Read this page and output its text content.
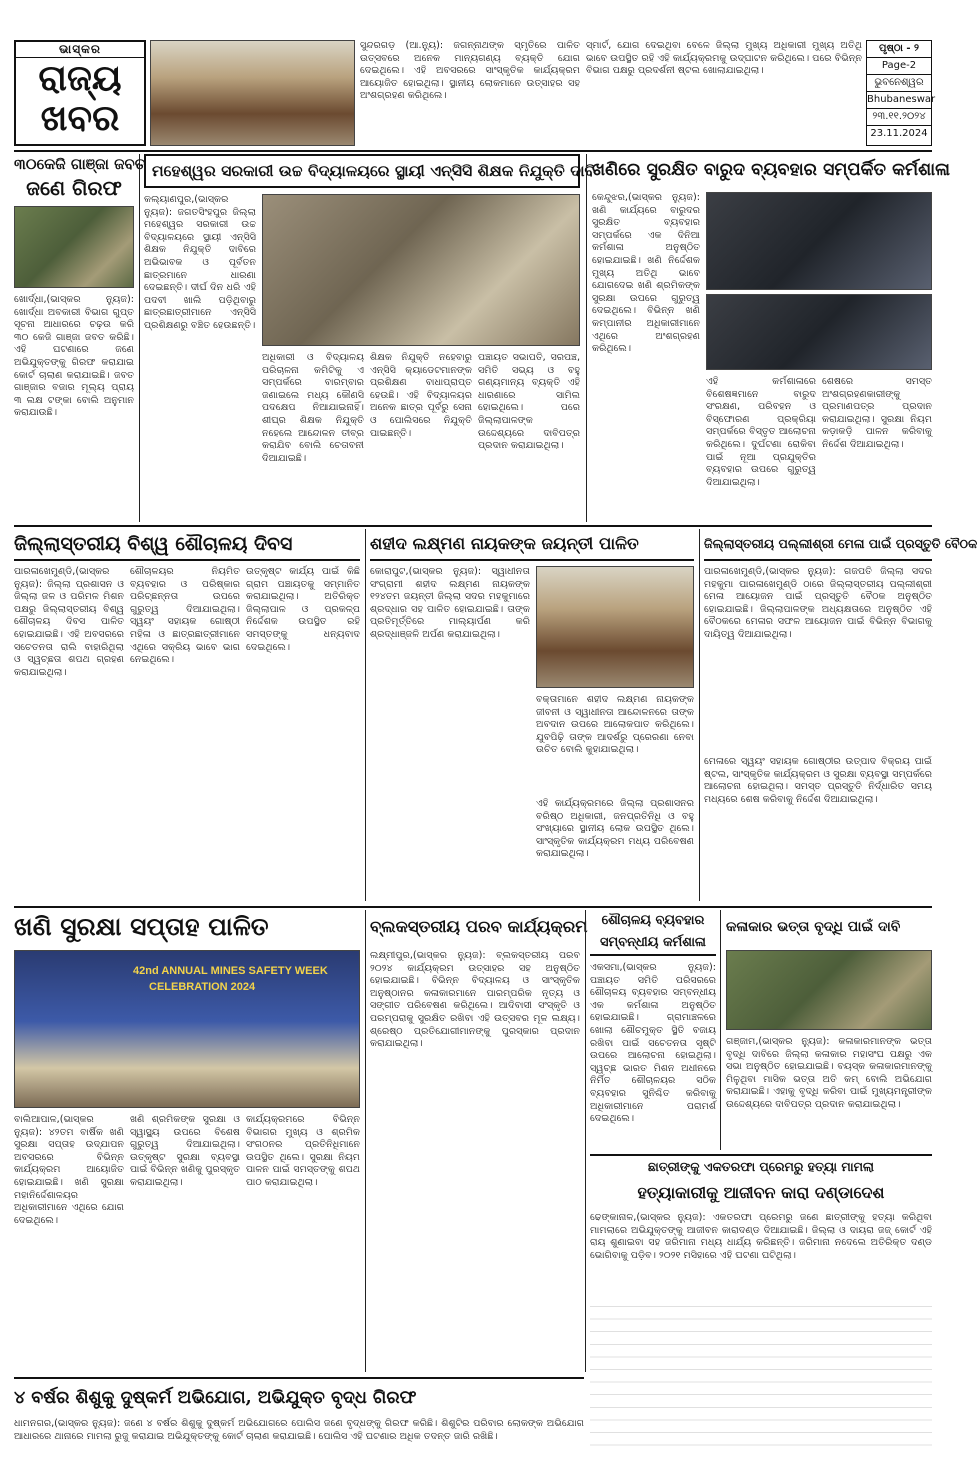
ଭାସ୍କର
ରାଜ୍ୟ
ଖବର
ସୁନ୍ଦରଗଡ଼ (ଆ.ନ୍ୟୁ): ଜଗନ୍ନାଥଙ୍କ ସ୍ମୃତିରେ ପାଳିତ ଉତ୍ସବରେ ଅନେକ ମାନ୍ୟଗଣ୍ୟ ବ୍ୟକ୍ତି ଯୋଗ ଦେଇଥିଲେ। ଏହି ଅବସରରେ ସାଂସ୍କୃତିକ କାର୍ଯ୍ୟକ୍ରମ ଆୟୋଜିତ ହୋଇଥିଲା। ସ୍ଥାନୀୟ ଲୋକମାନେ ଉତ୍ସାହର ସହ ଅଂଶଗ୍ରହଣ କରିଥିଲେ।
ସ୍ମାର୍ଟ, ଯୋଗ ଦେଇଥିବା ବେଳେ ଜିଲ୍ଲା ମୁଖ୍ୟ ଅଧିକାରୀ ମୁଖ୍ୟ ଅତିଥି ଭାବେ ଉପସ୍ଥିତ ରହି ଏହି କାର୍ଯ୍ୟକ୍ରମକୁ ଉଦ୍‌ଘାଟନ କରିଥିଲେ। ପରେ ବିଭିନ୍ନ ବିଭାଗ ପକ୍ଷରୁ ପ୍ରଦର୍ଶନୀ ଷ୍ଟଲ ଖୋଲାଯାଇଥିଲା।
ପୃଷ୍ଠା - ୨
Page-2
ଭୁବନେଶ୍ୱର
Bhubaneswar
୨୩.୧୧.୨୦୨୪
23.11.2024
୩୦କେଜି ଗାଞ୍ଜା ଜବତ
ଜଣେ ଗିରଫ
ଖୋର୍ଦ୍ଧା,(ଭାସ୍କର ନ୍ୟୁଜ): ଖୋର୍ଦ୍ଧା ଅବକାରୀ ବିଭାଗ ଗୁପ୍ତ ସୂଚନା ଆଧାରରେ ଚଢ଼ଉ କରି ୩୦ କେଜି ଗାଞ୍ଜା ଜବତ କରିଛି। ଏହି ଘଟଣାରେ ଜଣେ ଅଭିଯୁକ୍ତଙ୍କୁ ଗିରଫ କରାଯାଇ କୋର୍ଟ ଚାଲାଣ କରାଯାଇଛି। ଜବତ ଗାଞ୍ଜାର ବଜାର ମୂଲ୍ୟ ପ୍ରାୟ ୩ ଲକ୍ଷ ଟଙ୍କା ବୋଲି ଅନୁମାନ କରାଯାଉଛି।
ମହେଶ୍ୱର ସରକାରୀ ଉଚ୍ଚ ବିଦ୍ୟାଳୟରେ ସ୍ଥାୟୀ ଏନ୍‌ସିସି ଶିକ୍ଷକ ନିଯୁକ୍ତି ଦାବି
କଲ୍ୟାଣପୁର,(ଭାସ୍କର ନ୍ୟୁଜ): ଜଗତସିଂହପୁର ଜିଲ୍ଲା ମହେଶ୍ୱର ସରକାରୀ ଉଚ୍ଚ ବିଦ୍ୟାଳୟରେ ସ୍ଥାୟୀ ଏନ୍‌ସିସି ଶିକ୍ଷକ ନିଯୁକ୍ତି ଦାବିରେ ଅଭିଭାବକ ଓ ପୂର୍ବତନ ଛାତ୍ରମାନେ ଧାରଣା ଦେଇଛନ୍ତି। ଦୀର୍ଘ ଦିନ ଧରି ଏହି ପଦବୀ ଖାଲି ପଡ଼ିଥିବାରୁ ଛାତ୍ରଛାତ୍ରୀମାନେ ଏନ୍‌ସିସି ପ୍ରଶିକ୍ଷଣରୁ ବଞ୍ଚିତ ହେଉଛନ୍ତି।
ଅଧିକାରୀ ଓ ବିଦ୍ୟାଳୟ ପରିଚାଳନା କମିଟିକୁ ଏ ସମ୍ପର୍କରେ ବାରମ୍ବାର ଜଣାଇଲେ ମଧ୍ୟ କୌଣସି ପଦକ୍ଷେପ ନିଆଯାଇନାହିଁ। ଶୀଘ୍ର ଶିକ୍ଷକ ନିଯୁକ୍ତି ନହେଲେ ଆନ୍ଦୋଳନ ତୀବ୍ର କରାଯିବ ବୋଲି ଚେତାବନୀ ଦିଆଯାଇଛି।
ଶିକ୍ଷକ ନିଯୁକ୍ତି ନହେବାରୁ ଏନ୍‌ସିସି କ୍ୟାଡେଟମାନଙ୍କ ପ୍ରଶିକ୍ଷଣ ବାଧାପ୍ରାପ୍ତ ହେଉଛି। ଏହି ବିଦ୍ୟାଳୟର ଅନେକ ଛାତ୍ର ପୂର୍ବରୁ ସେନା ଓ ପୋଲିସରେ ନିଯୁକ୍ତି ପାଇଛନ୍ତି।
ପଞ୍ଚାୟତ ସଭାପତି, ସରପଞ୍ଚ, ସମିତି ସଭ୍ୟ ଓ ବହୁ ଗଣ୍ୟମାନ୍ୟ ବ୍ୟକ୍ତି ଏହି ଧାରଣାରେ ସାମିଲ ହୋଇଥିଲେ। ପରେ ଜିଲ୍ଲାପାଳଙ୍କ ଉଦ୍ଦେଶ୍ୟରେ ଦାବିପତ୍ର ପ୍ରଦାନ କରାଯାଇଥିଲା।
ଖଣିରେ ସୁରକ୍ଷିତ ବାରୁଦ ବ୍ୟବହାର ସମ୍ପର୍କିତ କର୍ମଶାଳା
କେନ୍ଦୁଝର,(ଭାସ୍କର ନ୍ୟୁଜ): ଖଣି କାର୍ଯ୍ୟରେ ବାରୁଦର ସୁରକ୍ଷିତ ବ୍ୟବହାର ସମ୍ପର୍କରେ ଏକ ଦିନିଆ କର୍ମଶାଳା ଅନୁଷ୍ଠିତ ହୋଇଯାଇଛି। ଖଣି ନିର୍ଦ୍ଦେଶକ ମୁଖ୍ୟ ଅତିଥି ଭାବେ ଯୋଗଦେଇ ଖଣି ଶ୍ରମିକଙ୍କ ସୁରକ୍ଷା ଉପରେ ଗୁରୁତ୍ୱ ଦେଇଥିଲେ। ବିଭିନ୍ନ ଖଣି କମ୍ପାନୀର ଅଧିକାରୀମାନେ ଏଥିରେ ଅଂଶଗ୍ରହଣ କରିଥିଲେ।
ଏହି କର୍ମଶାଳାରେ ବିଶେଷଜ୍ଞମାନେ ବାରୁଦ ସଂରକ୍ଷଣ, ପରିବହନ ଓ ବିସ୍ଫୋରଣ ପ୍ରକ୍ରିୟା ସମ୍ପର୍କରେ ବିସ୍ତୃତ ଆଲୋଚନା କରିଥିଲେ। ଦୁର୍ଘଟଣା ରୋକିବା ପାଇଁ ନୂଆ ପ୍ରଯୁକ୍ତିର ବ୍ୟବହାର ଉପରେ ଗୁରୁତ୍ୱ ଦିଆଯାଇଥିଲା।
ଶେଷରେ ସମସ୍ତ ଅଂଶଗ୍ରହଣକାରୀଙ୍କୁ ପ୍ରମାଣପତ୍ର ପ୍ରଦାନ କରାଯାଇଥିଲା। ସୁରକ୍ଷା ନିୟମ କଡ଼ାକଡ଼ି ପାଳନ କରିବାକୁ ନିର୍ଦ୍ଦେଶ ଦିଆଯାଇଥିଲା।
ଜିଲ୍ଲାସ୍ତରୀୟ ବିଶ୍ୱ ଶୌଚାଳୟ ଦିବସ
ପାରଳାଖେମୁଣ୍ଡି,(ଭାସ୍କର ନ୍ୟୁଜ): ଜିଲ୍ଲା ପ୍ରଶାସନ ଓ ଜିଲ୍ଲା ଜଳ ଓ ପରିମଳ ମିଶନ ପକ୍ଷରୁ ଜିଲ୍ଲାସ୍ତରୀୟ ବିଶ୍ୱ ଶୌଚାଳୟ ଦିବସ ପାଳିତ ହୋଇଯାଇଛି। ଏହି ଅବସରରେ ସଚେତନତା ରାଲି ବାହାରିଥିଲା ଓ ସ୍ୱଚ୍ଛତା ଶପଥ ଗ୍ରହଣ କରାଯାଇଥିଲା।
ଶୌଚାଳୟର ନିୟମିତ ବ୍ୟବହାର ଓ ପରିଷ୍କାର ପରିଚ୍ଛନ୍ନତା ଉପରେ ଗୁରୁତ୍ୱ ଦିଆଯାଇଥିଲା। ସ୍ୱୟଂ ସହାୟକ ଗୋଷ୍ଠୀ ମହିଳା ଓ ଛାତ୍ରଛାତ୍ରୀମାନେ ଏଥିରେ ସକ୍ରିୟ ଭାବେ ଭାଗ ନେଇଥିଲେ।
ଉତ୍କୃଷ୍ଟ କାର୍ଯ୍ୟ ପାଇଁ କିଛି ଗ୍ରାମ ପଞ୍ଚାୟତକୁ ସମ୍ମାନିତ କରାଯାଇଥିଲା। ଅତିରିକ୍ତ ଜିଲ୍ଲାପାଳ ଓ ପ୍ରକଳ୍ପ ନିର୍ଦ୍ଦେଶକ ଉପସ୍ଥିତ ରହି ସମସ୍ତଙ୍କୁ ଧନ୍ୟବାଦ ଦେଇଥିଲେ।
ଶହୀଦ ଲକ୍ଷ୍ମଣ ନାୟକଙ୍କ ଜୟନ୍ତୀ ପାଳିତ
କୋରାପୁଟ,(ଭାସ୍କର ନ୍ୟୁଜ): ସ୍ୱାଧୀନତା ସଂଗ୍ରାମୀ ଶହୀଦ ଲକ୍ଷ୍ମଣ ନାୟକଙ୍କ ୧୨୪ତମ ଜୟନ୍ତୀ ଜିଲ୍ଲା ସଦର ମହକୁମାରେ ଶ୍ରଦ୍ଧାର ସହ ପାଳିତ ହୋଇଯାଇଛି। ତାଙ୍କ ପ୍ରତିମୂର୍ତ୍ତିରେ ମାଲ୍ୟାର୍ପଣ କରି ଶ୍ରଦ୍ଧାଞ୍ଜଳି ଅର୍ପଣ କରାଯାଇଥିଲା।
ବକ୍ତାମାନେ ଶହୀଦ ଲକ୍ଷ୍ମଣ ନାୟକଙ୍କ ଜୀବନୀ ଓ ସ୍ୱାଧୀନତା ଆନ୍ଦୋଳନରେ ତାଙ୍କ ଅବଦାନ ଉପରେ ଆଲୋକପାତ କରିଥିଲେ। ଯୁବପିଢ଼ି ତାଙ୍କ ଆଦର୍ଶରୁ ପ୍ରେରଣା ନେବା ଉଚିତ ବୋଲି କୁହାଯାଇଥିଲା।
ଏହି କାର୍ଯ୍ୟକ୍ରମରେ ଜିଲ୍ଲା ପ୍ରଶାସନର ବରିଷ୍ଠ ଅଧିକାରୀ, ଜନପ୍ରତିନିଧି ଓ ବହୁ ସଂଖ୍ୟାରେ ସ୍ଥାନୀୟ ଲୋକ ଉପସ୍ଥିତ ଥିଲେ। ସାଂସ୍କୃତିକ କାର୍ଯ୍ୟକ୍ରମ ମଧ୍ୟ ପରିବେଷଣ କରାଯାଇଥିଲା।
ଜିଲ୍ଲାସ୍ତରୀୟ ପଲ୍ଲୀଶ୍ରୀ ମେଳା ପାଇଁ ପ୍ରସ୍ତୁତି ବୈଠକ
ପାରଳାଖେମୁଣ୍ଡି,(ଭାସ୍କର ନ୍ୟୁଜ): ଗଜପତି ଜିଲ୍ଲା ସଦର ମହକୁମା ପାରଳାଖେମୁଣ୍ଡି ଠାରେ ଜିଲ୍ଲାସ୍ତରୀୟ ପଲ୍ଲୀଶ୍ରୀ ମେଳା ଆୟୋଜନ ପାଇଁ ପ୍ରସ୍ତୁତି ବୈଠକ ଅନୁଷ୍ଠିତ ହୋଇଯାଇଛି। ଜିଲ୍ଲାପାଳଙ୍କ ଅଧ୍ୟକ୍ଷତାରେ ଅନୁଷ୍ଠିତ ଏହି ବୈଠକରେ ମେଳାର ସଫଳ ଆୟୋଜନ ପାଇଁ ବିଭିନ୍ନ ବିଭାଗକୁ ଦାୟିତ୍ୱ ଦିଆଯାଇଥିଲା।
ମେଳାରେ ସ୍ୱୟଂ ସହାୟକ ଗୋଷ୍ଠୀର ଉତ୍ପାଦ ବିକ୍ରୟ ପାଇଁ ଷ୍ଟଲ, ସାଂସ୍କୃତିକ କାର୍ଯ୍ୟକ୍ରମ ଓ ସୁରକ୍ଷା ବ୍ୟବସ୍ଥା ସମ୍ପର୍କରେ ଆଲୋଚନା ହୋଇଥିଲା। ସମସ୍ତ ପ୍ରସ୍ତୁତି ନିର୍ଦ୍ଧାରିତ ସମୟ ମଧ୍ୟରେ ଶେଷ କରିବାକୁ ନିର୍ଦ୍ଦେଶ ଦିଆଯାଇଥିଲା।
ଖଣି ସୁରକ୍ଷା ସପ୍ତାହ ପାଳିତ
42nd ANNUAL MINES SAFETY WEEK
CELEBRATION 2024
ବାଲିଆପାଳ,(ଭାସ୍କର ନ୍ୟୁଜ): ୪୨ତମ ବାର୍ଷିକ ଖଣି ସୁରକ୍ଷା ସପ୍ତାହ ଉଦ୍‌ଯାପନ ଅବସରରେ ବିଭିନ୍ନ କାର୍ଯ୍ୟକ୍ରମ ଆୟୋଜିତ ହୋଇଯାଇଛି। ଖଣି ସୁରକ୍ଷା ମହାନିର୍ଦ୍ଦେଶାଳୟର ଅଧିକାରୀମାନେ ଏଥିରେ ଯୋଗ ଦେଇଥିଲେ।
ଖଣି ଶ୍ରମିକଙ୍କ ସୁରକ୍ଷା ଓ ସ୍ୱାସ୍ଥ୍ୟ ଉପରେ ବିଶେଷ ଗୁରୁତ୍ୱ ଦିଆଯାଇଥିଲା। ଉତ୍କୃଷ୍ଟ ସୁରକ୍ଷା ବ୍ୟବସ୍ଥା ପାଇଁ ବିଭିନ୍ନ ଖଣିକୁ ପୁରସ୍କୃତ କରାଯାଇଥିଲା।
କାର୍ଯ୍ୟକ୍ରମରେ ବିଭିନ୍ନ ବିଭାଗର ମୁଖ୍ୟ ଓ ଶ୍ରମିକ ସଂଗଠନର ପ୍ରତିନିଧିମାନେ ଉପସ୍ଥିତ ଥିଲେ। ସୁରକ୍ଷା ନିୟମ ପାଳନ ପାଇଁ ସମସ୍ତଙ୍କୁ ଶପଥ ପାଠ କରାଯାଇଥିଲା।
ବ୍ଲକସ୍ତରୀୟ ପରବ କାର୍ଯ୍ୟକ୍ରମ
ଲକ୍ଷ୍ମୀପୁର,(ଭାସ୍କର ନ୍ୟୁଜ): ବ୍ଲକସ୍ତରୀୟ ପରବ ୨୦୨୪ କାର୍ଯ୍ୟକ୍ରମ ଉତ୍ସାହର ସହ ଅନୁଷ୍ଠିତ ହୋଇଯାଇଛି। ବିଭିନ୍ନ ବିଦ୍ୟାଳୟ ଓ ସାଂସ୍କୃତିକ ଅନୁଷ୍ଠାନର କଳାକାରମାନେ ପାରମ୍ପରିକ ନୃତ୍ୟ ଓ ସଙ୍ଗୀତ ପରିବେଷଣ କରିଥିଲେ। ଆଦିବାସୀ ସଂସ୍କୃତି ଓ ପରମ୍ପରାକୁ ସୁରକ୍ଷିତ ରଖିବା ଏହି ଉତ୍ସବର ମୂଳ ଲକ୍ଷ୍ୟ। ଶ୍ରେଷ୍ଠ ପ୍ରତିଯୋଗୀମାନଙ୍କୁ ପୁରସ୍କାର ପ୍ରଦାନ କରାଯାଇଥିଲା।
ଶୌଚାଳୟ ବ୍ୟବହାର
ସମ୍ବନ୍ଧୀୟ କର୍ମଶାଳା
ଏକସମା,(ଭାସ୍କର ନ୍ୟୁଜ): ପଞ୍ଚାୟତ ସମିତି ପରିସରରେ ଶୌଚାଳୟ ବ୍ୟବହାର ସମ୍ବନ୍ଧୀୟ ଏକ କର୍ମଶାଳା ଅନୁଷ୍ଠିତ ହୋଇଯାଇଛି। ଗ୍ରାମାଞ୍ଚଳରେ ଖୋଲା ଶୌଚମୁକ୍ତ ସ୍ଥିତି ବଜାୟ ରଖିବା ପାଇଁ ସଚେତନତା ସୃଷ୍ଟି ଉପରେ ଆଲୋଚନା ହୋଇଥିଲା। ସ୍ୱଚ୍ଛ ଭାରତ ମିଶନ ଅଧୀନରେ ନିର୍ମିତ ଶୌଚାଳୟର ସଠିକ ବ୍ୟବହାର ସୁନିଶ୍ଚିତ କରିବାକୁ ଅଧିକାରୀମାନେ ପରାମର୍ଶ ଦେଇଥିଲେ।
କଳାକାର ଭତ୍ତା ବୃଦ୍ଧି ପାଇଁ ଦାବି
ଗଞ୍ଜାମ,(ଭାସ୍କର ନ୍ୟୁଜ): କଳାକାରମାନଙ୍କ ଭତ୍ତା ବୃଦ୍ଧି ଦାବିରେ ଜିଲ୍ଲା କଳାକାର ମହାସଂଘ ପକ୍ଷରୁ ଏକ ସଭା ଅନୁଷ୍ଠିତ ହୋଇଯାଇଛି। ବୟସ୍କ କଳାକାରମାନଙ୍କୁ ମିଳୁଥିବା ମାସିକ ଭତ୍ତା ଅତି କମ୍ ବୋଲି ଅଭିଯୋଗ କରାଯାଇଛି। ଏହାକୁ ବୃଦ୍ଧି କରିବା ପାଇଁ ମୁଖ୍ୟମନ୍ତ୍ରୀଙ୍କ ଉଦ୍ଦେଶ୍ୟରେ ଦାବିପତ୍ର ପ୍ରଦାନ କରାଯାଇଥିଲା।
ଛାତ୍ରୀଙ୍କୁ ଏକତରଫା ପ୍ରେମରୁ ହତ୍ୟା ମାମଲା
ହତ୍ୟାକାରୀକୁ ଆଜୀବନ କାରା ଦଣ୍ଡାଦେଶ
ଢେଙ୍କାନାଳ,(ଭାସ୍କର ନ୍ୟୁଜ): ଏକତରଫା ପ୍ରେମରୁ ଜଣେ ଛାତ୍ରୀଙ୍କୁ ହତ୍ୟା କରିଥିବା ମାମଲାରେ ଅଭିଯୁକ୍ତଙ୍କୁ ଆଜୀବନ କାରାଦଣ୍ଡ ଦିଆଯାଇଛି। ଜିଲ୍ଲା ଓ ଦାୟରା ଜଜ୍ କୋର୍ଟ ଏହି ରାୟ ଶୁଣାଇବା ସହ ଜରିମାନା ମଧ୍ୟ ଧାର୍ଯ୍ୟ କରିଛନ୍ତି। ଜରିମାନା ନଦେଲେ ଅତିରିକ୍ତ ଦଣ୍ଡ ଭୋଗିବାକୁ ପଡ଼ିବ। ୨୦୨୧ ମସିହାରେ ଏହି ଘଟଣା ଘଟିଥିଲା।
୪ ବର୍ଷର ଶିଶୁକୁ ଦୁଷ୍କର୍ମ ଅଭିଯୋଗ, ଅଭିଯୁକ୍ତ ବୃଦ୍ଧ ଗିରଫ
ଧାମନଗର,(ଭାସ୍କର ନ୍ୟୁଜ): ଜଣେ ୪ ବର୍ଷର ଶିଶୁକୁ ଦୁଷ୍କର୍ମ ଅଭିଯୋଗରେ ପୋଲିସ ଜଣେ ବୃଦ୍ଧଙ୍କୁ ଗିରଫ କରିଛି। ଶିଶୁଟିର ପରିବାର ଲୋକଙ୍କ ଅଭିଯୋଗ ଆଧାରରେ ଥାନାରେ ମାମଲା ରୁଜୁ କରାଯାଇ ଅଭିଯୁକ୍ତଙ୍କୁ କୋର୍ଟ ଚାଲାଣ କରାଯାଇଛି। ପୋଲିସ ଏହି ଘଟଣାର ଅଧିକ ତଦନ୍ତ ଜାରି ରଖିଛି।
